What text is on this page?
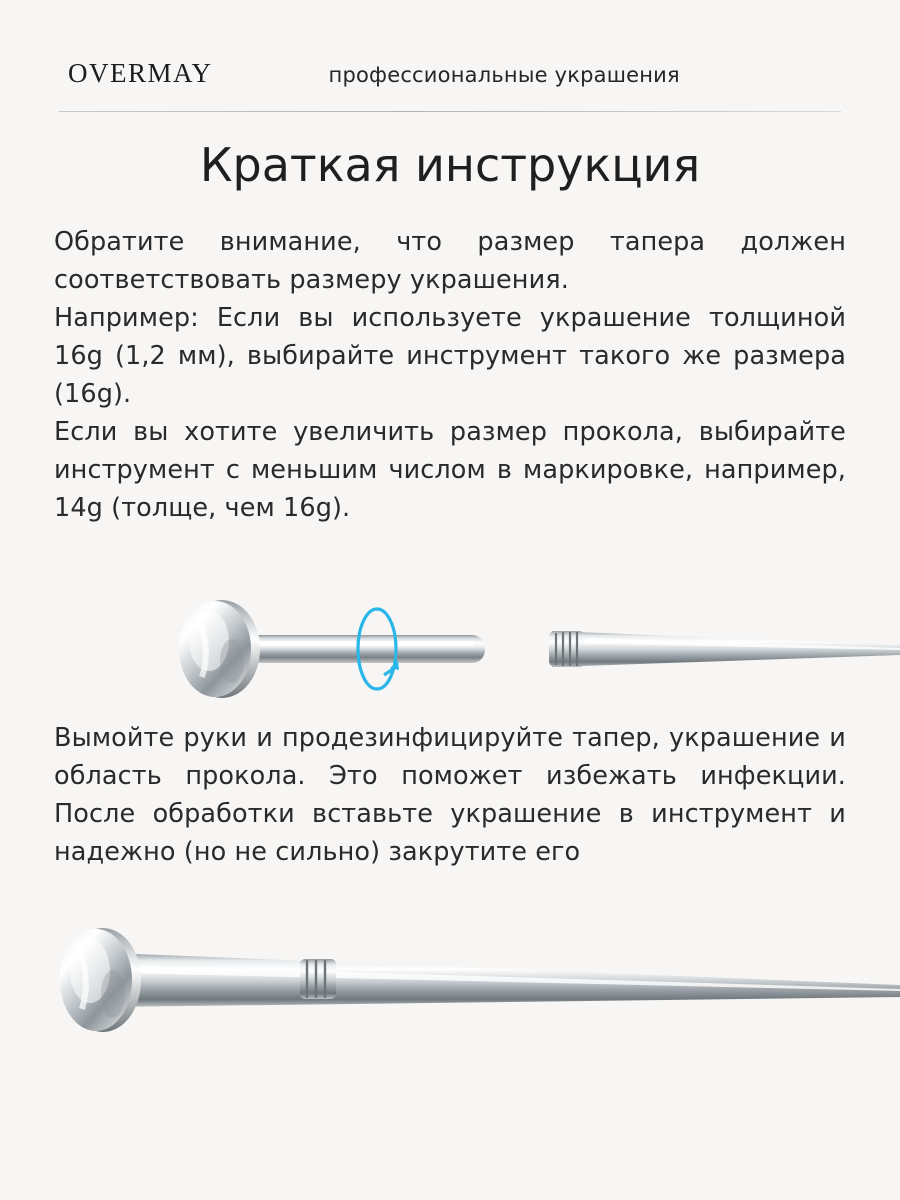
OVERMAY	профессиональные украшения
Краткая инструкция

Обратите внимание, что размер тапера должен соответствовать размеру украшения.

Например: Если вы используете украшение толщиной 16g (1,2 мм), выбирайте инструмент такого же размера (16g).

Если вы хотите увеличить размер прокола, выбирайте инструмент с меньшим числом в маркировке, например, 14g (толще, чем 16g).

Вымойте руки и продезинфицируйте тапер, украшение и область прокола. Это поможет избежать инфекции. После обработки вставьте украшение в инструмент и надежно (но не сильно) закрутите его
